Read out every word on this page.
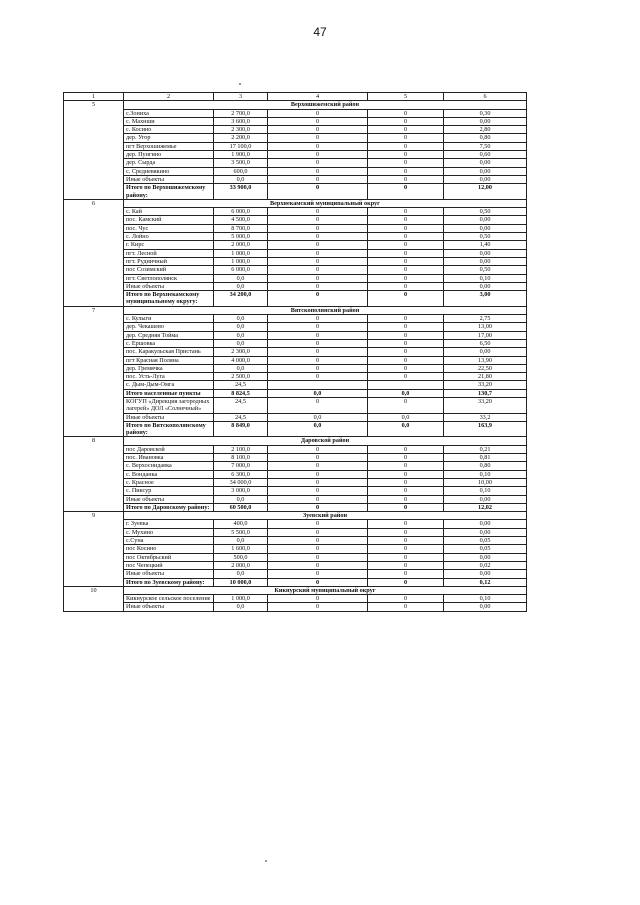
47
1	2	3	4	5	6
5	Верхошижемский район				
	с.Зониха	2 700,0	0	0	0,30
	с. Махнши	3 600,0	0	0	0,00
	с. Косино	2 300,0	0	0	2,80
	дер. Угор	2 200,0	0	0	0,80
	пгт Верхошижемье	17 100,0	0	0	7,50
	дер. Пунгино	1 900,0	0	0	0,60
	дер. Сырда	3 500,0	0	0	0,00
	с. Средневякино	600,0	0	0	0,00
	Иные объекты	0,0	0	0	0,00
	Итого по Верхошижемскому району:	33 900,0	0	0	12,00
6	Верхнекамский муниципальный округ				
	с. Кай	6 000,0	0	0	0,50
	пос. Камский	4 500,0	0	0	0,00
	пос. Чус	8 700,0	0	0	0,00
	с. Лойно	5 000,0	0	0	0,50
	г. Кирс	2 000,0	0	0	1,40
	пгт. Лесной	1 000,0	0	0	0,00
	пгт. Рудничный	1 000,0	0	0	0,00
	пос Созимский	6 000,0	0	0	0,50
	пгт. Светлополянск	0,0	0	0	0,10
	Иные объекты	0,0	0	0	0,00
	Итого по Верхнекамскому муниципальному округу:	34 200,0	0	0	3,00
7	Вятскополянский район				
	с. Кулыги	0,0	0	0	2,75
	дер. Чекашево	0,0	0	0	13,00
	дер. Средняя Тойма	0,0	0	0	17,00
	с. Ершовка	0,0	0	0	6,50
	пос. Каракульская Пристань	2 300,0	0	0	0,00
	пгт Красная Поляна	4 000,0	0	0	13,90
	дер. Гремячка	0,0	0	0	22,50
	пос. Усть-Луга	2 500,0	0	0	21,80
	с. Дым-Дым-Омга	24,5			33,20
	Итого населенные пункты	8 824,5	0,0	0,0	130,7
	КОГУП «Дирекция загородных лагерей» ДОЛ «Солнечный»	24,5	0	0	33,20
	Иные объекты	24,5	0,0	0,0	33,2
	Итого по Вятскополянскому району:	8 849,0	0,0	0,0	163,9
8	Даровской район				
	пос Даровской	2 100,0	0	0	0,21
	пос. Ивановка	8 100,0	0	0	0,81
	с. Верхоснидавка	7 000,0	0	0	0,80
	с. Вонданка	6 300,0	0	0	0,10
	с. Красное	34 000,0	0	0	10,00
	с. Пиксур	3 000,0	0	0	0,10
	Иные объекты	0,0	0	0	0,00
	Итого по Даровскому району:	60 500,0	0	0	12,02
9	Зуевский район				
	г. Зуевка	400,0	0	0	0,00
	с. Мухино	5 500,0	0	0	0,00
	с.Суна	0,0	0	0	0,05
	пос Косино	1 600,0	0	0	0,05
	пос Октябрьский	500,0	0	0	0,00
	пос Чепецкий	2 000,0	0	0	0,02
	Иные объекты	0,0	0	0	0,00
	Итого по Зуевскому району:	10 000,0	0	0	0,12
10	Кикнурский муниципальный округ				
	Кикнурское сельское поселение	1 000,0	0	0	0,10
	Иные объекты	0,0	0	0	0,00
